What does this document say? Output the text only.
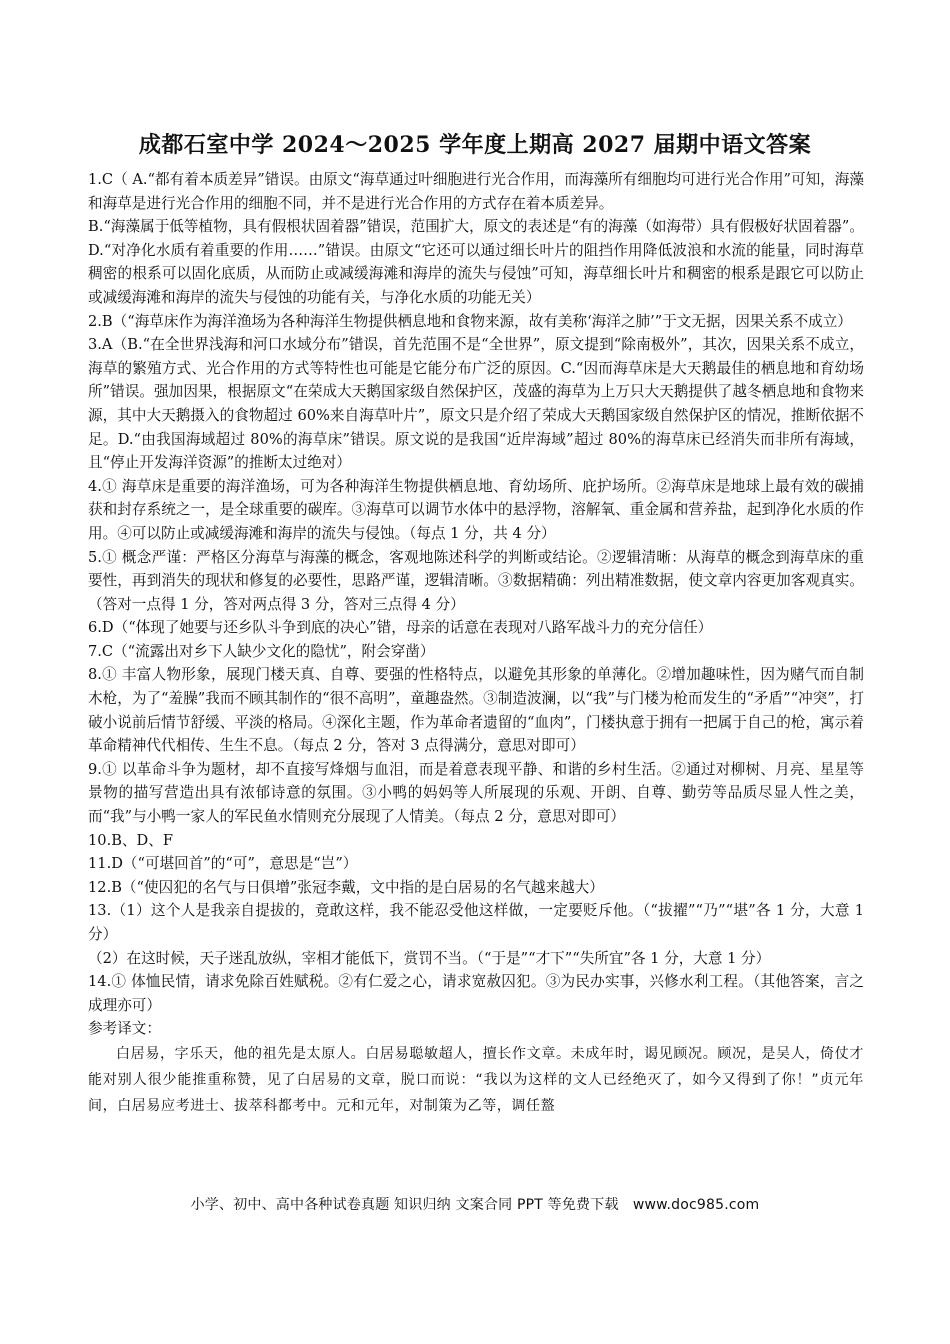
成都石室中学 2024～2025 学年度上期高 2027 届期中语文答案

1.C（ A.“都有着本质差异”错误。由原文“海草通过叶细胞进行光合作用，而海藻所有细胞均可进行光合作用”可知，海藻和海草是进行光合作用的细胞不同，并不是进行光合作用的方式存在着本质差异。

B.“海藻属于低等植物，具有假根状固着器”错误，范围扩大，原文的表述是“有的海藻（如海带）具有假极好状固着器”。D.“对净化水质有着重要的作用……”错误。由原文“它还可以通过细长叶片的阻挡作用降低波浪和水流的能量，同时海草稠密的根系可以固化底质，从而防止或减缓海滩和海岸的流失与侵蚀”可知，海草细长叶片和稠密的根系是跟它可以防止或减缓海滩和海岸的流失与侵蚀的功能有关，与净化水质的功能无关）

2.B（“海草床作为海洋渔场为各种海洋生物提供栖息地和食物来源，故有美称‘海洋之肺’”于文无据，因果关系不成立）

3.A（B.“在全世界浅海和河口水域分布”错误，首先范围不是“全世界”，原文提到“除南极外”，其次，因果关系不成立，海草的繁殖方式、光合作用的方式等特性也可能是它能分布广泛的原因。C.“因而海草床是大天鹅最佳的栖息地和育幼场所”错误。强加因果，根据原文“在荣成大天鹅国家级自然保护区，茂盛的海草为上万只大天鹅提供了越冬栖息地和食物来源，其中大天鹅摄入的食物超过 60%来自海草叶片”，原文只是介绍了荣成大天鹅国家级自然保护区的情况，推断依据不足。D.“由我国海域超过 80%的海草床”错误。原文说的是我国“近岸海域”超过 80%的海草床已经消失而非所有海域，且“停止开发海洋资源”的推断太过绝对）

4.① 海草床是重要的海洋渔场，可为各种海洋生物提供栖息地、育幼场所、庇护场所。②海草床是地球上最有效的碳捕获和封存系统之一，是全球重要的碳库。③海草可以调节水体中的悬浮物，溶解氧、重金属和营养盐，起到净化水质的作用。④可以防止或减缓海滩和海岸的流失与侵蚀。（每点 1 分，共 4 分）

5.① 概念严谨：严格区分海草与海藻的概念，客观地陈述科学的判断或结论。②逻辑清晰：从海草的概念到海草床的重要性，再到消失的现状和修复的必要性，思路严谨，逻辑清晰。③数据精确：列出精准数据，使文章内容更加客观真实。（答对一点得 1 分，答对两点得 3 分，答对三点得 4 分）

6.D（“体现了她要与还乡队斗争到底的决心”错，母亲的话意在表现对八路军战斗力的充分信任）

7.C（“流露出对乡下人缺少文化的隐忧”，附会穿凿）

8.① 丰富人物形象，展现门楼天真、自尊、要强的性格特点，以避免其形象的单薄化。②增加趣味性，因为赌气而自制木枪，为了“羞臊”我而不顾其制作的“很不高明”，童趣盎然。③制造波澜，以“我”与门楼为枪而发生的“矛盾”“冲突”，打破小说前后情节舒缓、平淡的格局。④深化主题，作为革命者遗留的“血肉”，门楼执意于拥有一把属于自己的枪，寓示着革命精神代代相传、生生不息。（每点 2 分，答对 3 点得满分，意思对即可）

9.① 以革命斗争为题材，却不直接写烽烟与血泪，而是着意表现平静、和谐的乡村生活。②通过对柳树、月亮、星星等景物的描写营造出具有浓郁诗意的氛围。③小鸭的妈妈等人所展现的乐观、开朗、自尊、勤劳等品质尽显人性之美，而“我”与小鸭一家人的军民鱼水情则充分展现了人情美。（每点 2 分，意思对即可）

10.B、D、F

11.D（“可堪回首”的“可”，意思是“岂”）

12.B（“使囚犯的名气与日俱增”张冠李戴，文中指的是白居易的名气越来越大）

13.（1）这个人是我亲自提拔的，竟敢这样，我不能忍受他这样做，一定要贬斥他。（“拔擢”“乃”“堪”各 1 分，大意 1 分）

（2）在这时候，天子迷乱放纵，宰相才能低下，赏罚不当。（“于是”“才下”“失所宜”各 1 分，大意 1 分）

14.① 体恤民情，请求免除百姓赋税。②有仁爱之心，请求宽赦囚犯。③为民办实事，兴修水利工程。（其他答案，言之成理亦可）

参考译文：

白居易，字乐天，他的祖先是太原人。白居易聪敏超人，擅长作文章。未成年时，谒见顾况。顾况，是吴人，倚仗才能对别人很少能推重称赞，见了白居易的文章，脱口而说：“我以为这样的文人已经绝灭了，如今又得到了你！”贞元年间，白居易应考进士、拔萃科都考中。元和元年，对制策为乙等，调任盩

小学、初中、高中各种试卷真题 知识归纳 文案合同 PPT 等免费下载　www.doc985.com
